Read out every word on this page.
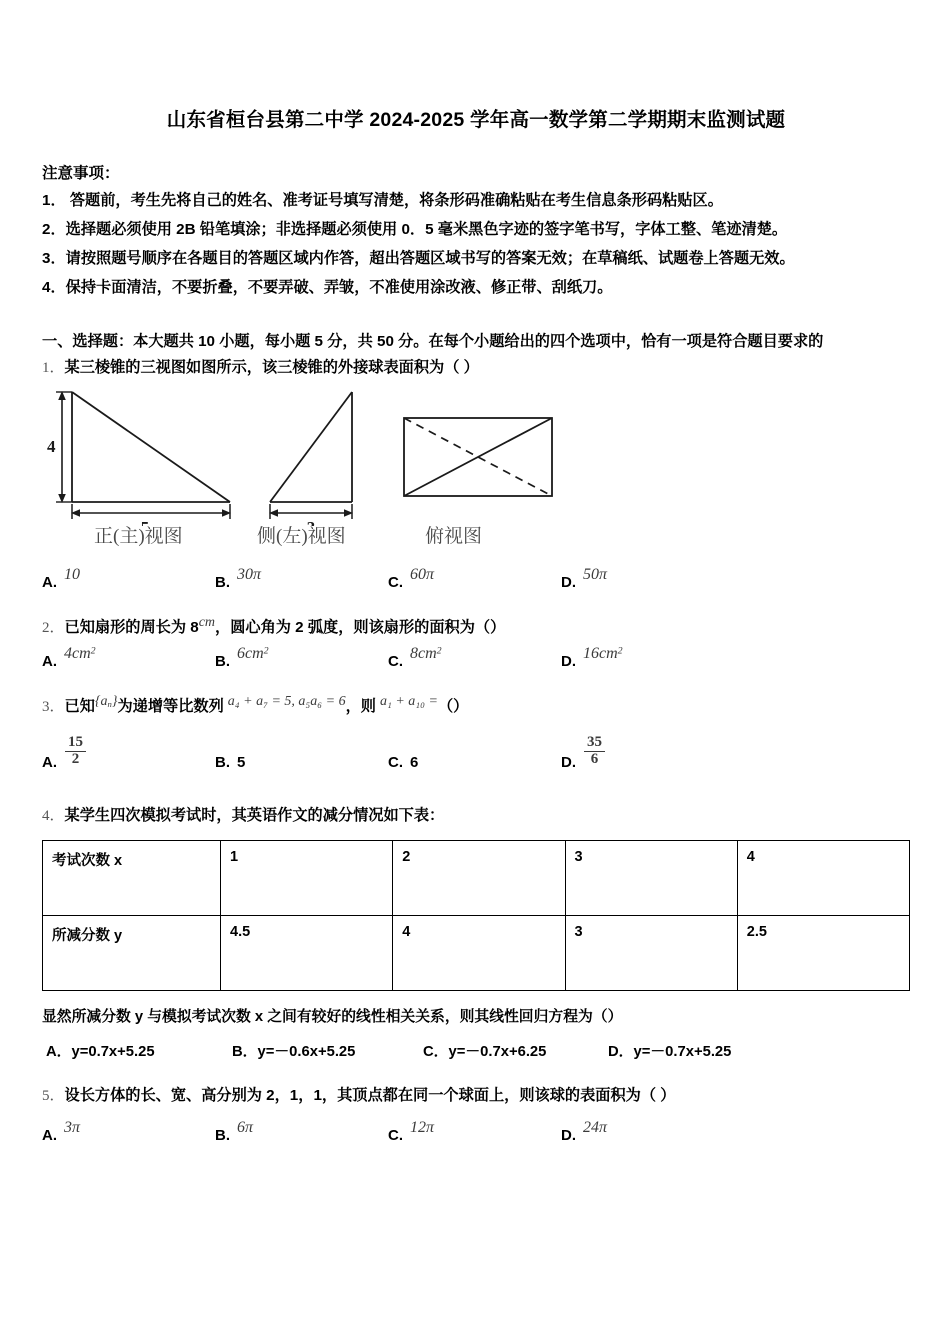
山东省桓台县第二中学 2024-2025 学年高一数学第二学期期末监测试题
注意事项：
1． 答题前，考生先将自己的姓名、准考证号填写清楚，将条形码准确粘贴在考生信息条形码粘贴区。
2．选择题必须使用 2B 铅笔填涂；非选择题必须使用 0．5 毫米黑色字迹的签字笔书写，字体工整、笔迹清楚。
3．请按照题号顺序在各题目的答题区域内作答，超出答题区域书写的答案无效；在草稿纸、试题卷上答题无效。
4．保持卡面清洁，不要折叠，不要弄破、弄皱，不准使用涂改液、修正带、刮纸刀。
一、选择题：本大题共 10 小题，每小题 5 分，共 50 分。在每个小题给出的四个选项中，恰有一项是符合题目要求的
1．某三棱锥的三视图如图所示，该三棱锥的外接球表面积为（ ）
4
正(主)视图	侧(左)视图	俯视图
A. 10	B. 30π	C. 60π	D. 50π
2．已知扇形的周长为 8cm，圆心角为 2 弧度，则该扇形的面积为（）
A. $4cm^2$
B. $6cm^2$
C. $8cm^2$
D. $16cm^2$
3．已知$\{a_n\}$为递增等比数列 a₄ + a₇ = 5, a₅a₆ = 6，则 a₁ + a₁₀ =（）
A. $\frac{15}{2}$	B. 5	C. 6	D. $\frac{35}{6}$
4．某学生四次模拟考试时，其英语作文的减分情况如下表：
考试次数 x	1	2	3	4
所减分数 y	4.5	4	3	2.5
显然所减分数 y 与模拟考试次数 x 之间有较好的线性相关关系，则其线性回归方程为（）
A．y=0.7x+5.25	B．y=－0.6x+5.25	C．y=－0.7x+6.25	D．y=－0.7x+5.25
5．设长方体的长、宽、高分别为 2，1，1，其顶点都在同一个球面上，则该球的表面积为（ ）
A. 3π	B. 6π	C. 12π	D. 24π
